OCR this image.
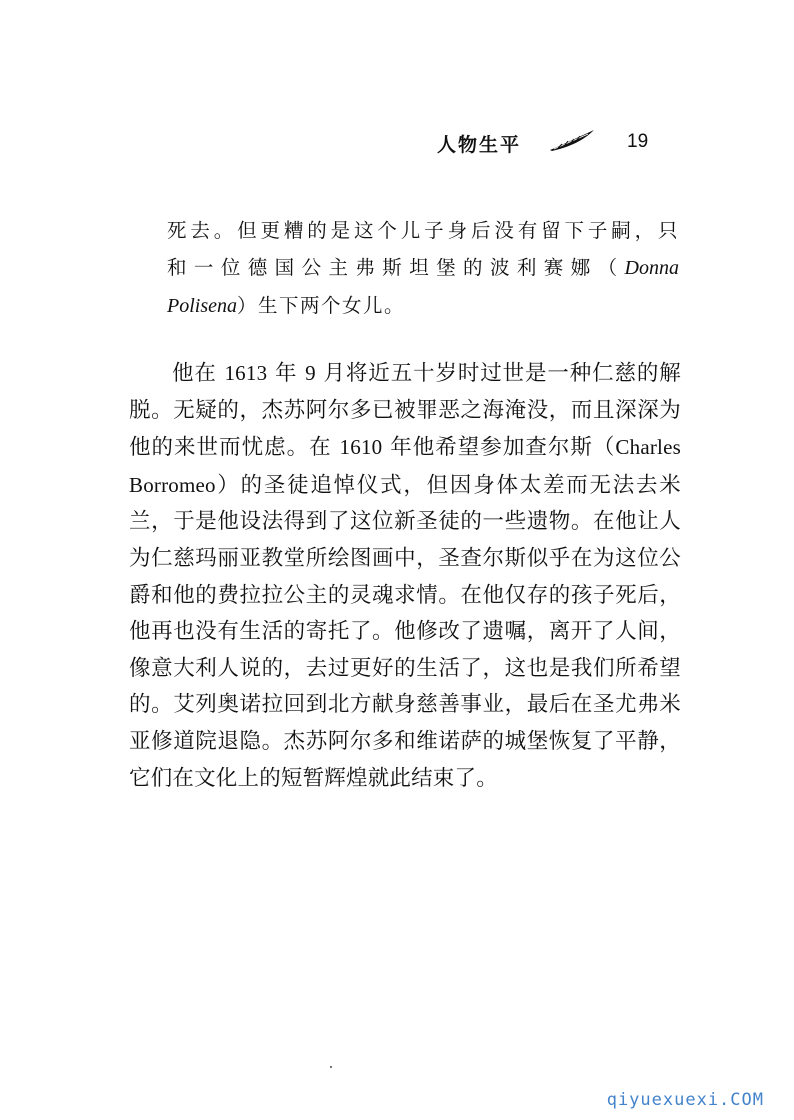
人物生平	19

死去。但更糟的是这个儿子身后没有留下子嗣，只

和一位德国公主弗斯坦堡的波利赛娜（Donna

Polisena）生下两个女儿。

他在 1613 年 9 月将近五十岁时过世是一种仁慈的解脱。无疑的，杰苏阿尔多已被罪恶之海淹没，而且深深为他的来世而忧虑。在 1610 年他希望参加查尔斯（Charles Borromeo）的圣徒追悼仪式，但因身体太差而无法去米兰，于是他设法得到了这位新圣徒的一些遗物。在他让人为仁慈玛丽亚教堂所绘图画中，圣查尔斯似乎在为这位公爵和他的费拉拉公主的灵魂求情。在他仅存的孩子死后，他再也没有生活的寄托了。他修改了遗嘱，离开了人间，像意大利人说的，去过更好的生活了，这也是我们所希望的。艾列奥诺拉回到北方献身慈善事业，最后在圣尤弗米亚修道院退隐。杰苏阿尔多和维诺萨的城堡恢复了平静，它们在文化上的短暂辉煌就此结束了。

qiyuexuexi.COM
